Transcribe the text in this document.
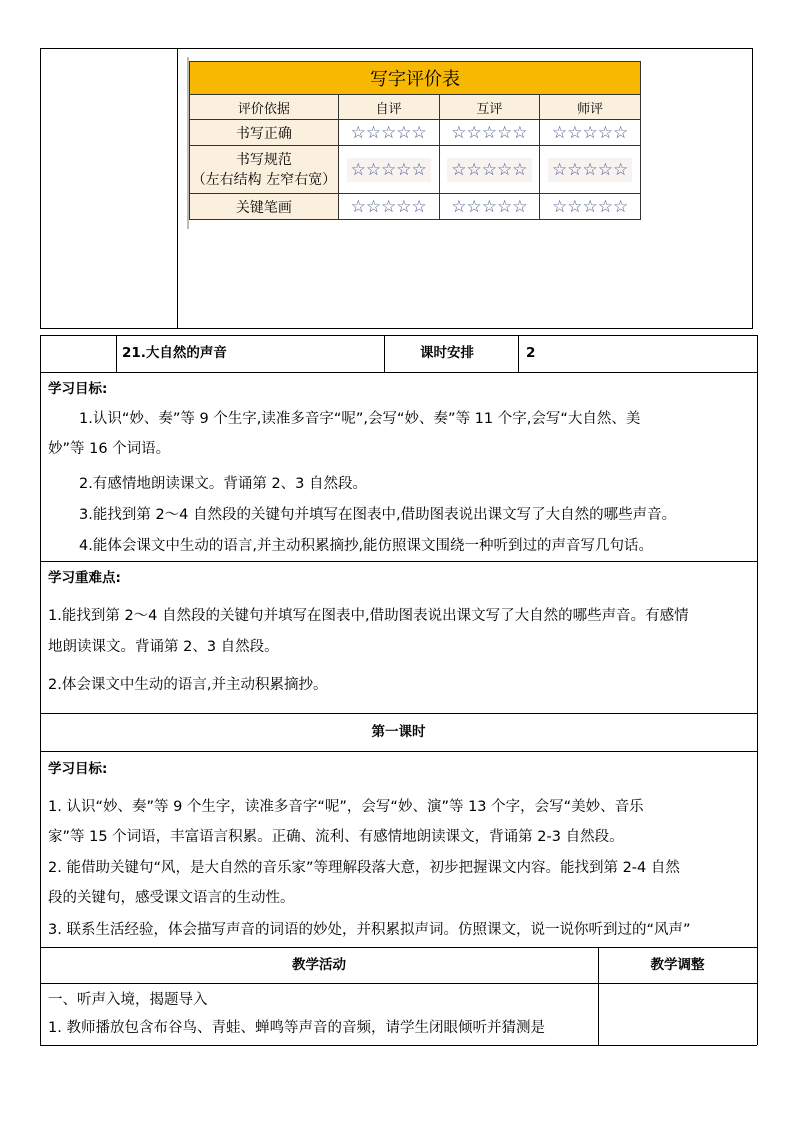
写字评价表			
评价依据	自评	互评	师评
书写正确	☆☆☆☆☆	☆☆☆☆☆	☆☆☆☆☆

书写规范
（左右结构 左窄右宽）	☆☆☆☆☆	☆☆☆☆☆	☆☆☆☆☆
关键笔画	☆☆☆☆☆	☆☆☆☆☆	☆☆☆☆☆
21.大自然的声音	课时安排	2
学习目标:
1.认识“妙、奏”等 9 个生字,读准多音字“呢”,会写“妙、奏”等 11 个字,会写“大自然、美
妙”等 16 个词语。
2.有感情地朗读课文。背诵第 2、3 自然段。
3.能找到第 2～4 自然段的关键句并填写在图表中,借助图表说出课文写了大自然的哪些声音。
4.能体会课文中生动的语言,并主动积累摘抄,能仿照课文围绕一种听到过的声音写几句话。
学习重难点:
1.能找到第 2～4 自然段的关键句并填写在图表中,借助图表说出课文写了大自然的哪些声音。有感情
地朗读课文。背诵第 2、3 自然段。
2.体会课文中生动的语言,并主动积累摘抄。
第一课时
学习目标:
1. 认识“妙、奏”等 9 个生字，读准多音字“呢”，会写“妙、演”等 13 个字，会写“美妙、音乐
家”等 15 个词语，丰富语言积累。正确、流利、有感情地朗读课文，背诵第 2-3 自然段。
2. 能借助关键句“风，是大自然的音乐家”等理解段落大意，初步把握课文内容。能找到第 2-4 自然
段的关键句，感受课文语言的生动性。
3. 联系生活经验，体会描写声音的词语的妙处，并积累拟声词。仿照课文，说一说你听到过的“风声”
教学活动	教学调整
一、听声入境，揭题导入
1. 教师播放包含布谷鸟、青蛙、蝉鸣等声音的音频，请学生闭眼倾听并猜测是
